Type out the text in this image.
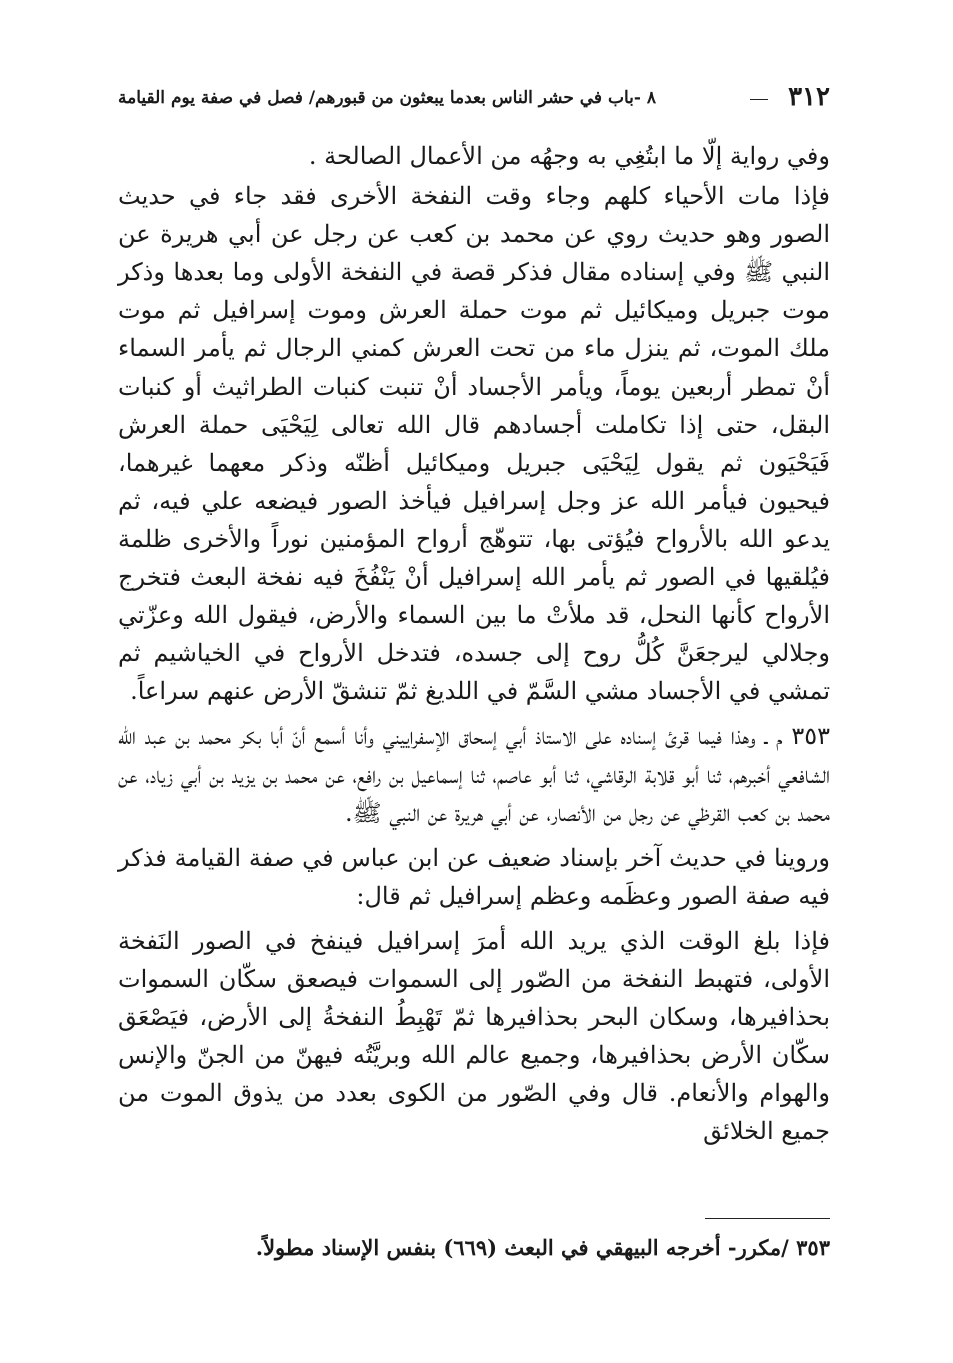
٣١٢
٨ -باب في حشر الناس بعدما يبعثون من قبورهم/ فصل في صفة يوم القيامة

وفي رواية إلّا ما ابتُغِي به وجهُه من الأعمال الصالحة .

فإذا مات الأحياء كلهم وجاء وقت النفخة الأخرى فقد جاء في حديث الصور وهو حديث روي عن محمد بن كعب عن رجل عن أبي هريرة عن النبي ﷺ وفي إسناده مقال فذكر قصة في النفخة الأولى وما بعدها وذكر موت جبريل وميكائيل ثم موت حملة العرش وموت إسرافيل ثم موت ملك الموت، ثم ينزل ماء من تحت العرش كمني الرجال ثم يأمر السماء أنْ تمطر أربعين يوماً، ويأمر الأجساد أنْ تنبت كنبات الطراثيث أو كنبات البقل، حتى إذا تكاملت أجسادهم قال الله تعالى لِيَحْيَى حملة العرش فَيَحْيَون ثم يقول لِيَحْيَى جبريل وميكائيل أظنّه وذكر معهما غيرهما، فيحيون فيأمر الله عز وجل إسرافيل فيأخذ الصور فيضعه علي فيه، ثم يدعو الله بالأرواح فيُؤتى بها، تتوهّج أرواح المؤمنين نوراً والأخرى ظلمة فيُلقيها في الصور ثم يأمر الله إسرافيل أنْ يَنْفُخَ فيه نفخة البعث فتخرج الأرواح كأنها النحل، قد ملأتْ ما بين السماء والأرض، فيقول الله وعزّتي وجلالي ليرجعَنَّ كُلُّ روح إلى جسده، فتدخل الأرواح في الخياشيم ثم تمشي في الأجساد مشي السَّمّ في اللديغ ثمّ تنشقّ الأرض عنهم سراعاً.

٣٥٣ م ـ وهذا فيما قرئ إسناده على الاستاذ أبي إسحاق الإسفراييني وأنا أسمع أنّ أبا بكر محمد بن عبد الله الشافعي أخبرهم، ثنا أبو قلابة الرقاشي، ثنا أبو عاصم، ثنا إسماعيل بن رافع، عن محمد بن يزيد بن أبي زياد، عن محمد بن كعب القرظي عن رجل من الأنصار، عن أبي هريرة عن النبي ﷺ.

وروينا في حديث آخر بإسناد ضعيف عن ابن عباس في صفة القيامة فذكر فيه صفة الصور وعظَمه وعظم إسرافيل ثم قال:

فإذا بلغ الوقت الذي يريد الله أمرَ إسرافيل فينفخ في الصور النَفخة الأولى، فتهبط النفخة من الصّور إلى السموات فيصعق سكّان السموات بحذافيرها، وسكان البحر بحذافيرها ثمّ تَهْبِطُ النفخةُ إلى الأرض، فيَصْعَق سكّان الأرض بحذافيرها، وجميع عالم الله وبريَّتُه فيهنّ من الجنّ والإنس والهوام والأنعام. قال وفي الصّور من الكوى بعدد من يذوق الموت من جميع الخلائق

٣٥٣ /مكرر- أخرجه البيهقي في البعث (٦٦٩) بنفس الإسناد مطولاً.
